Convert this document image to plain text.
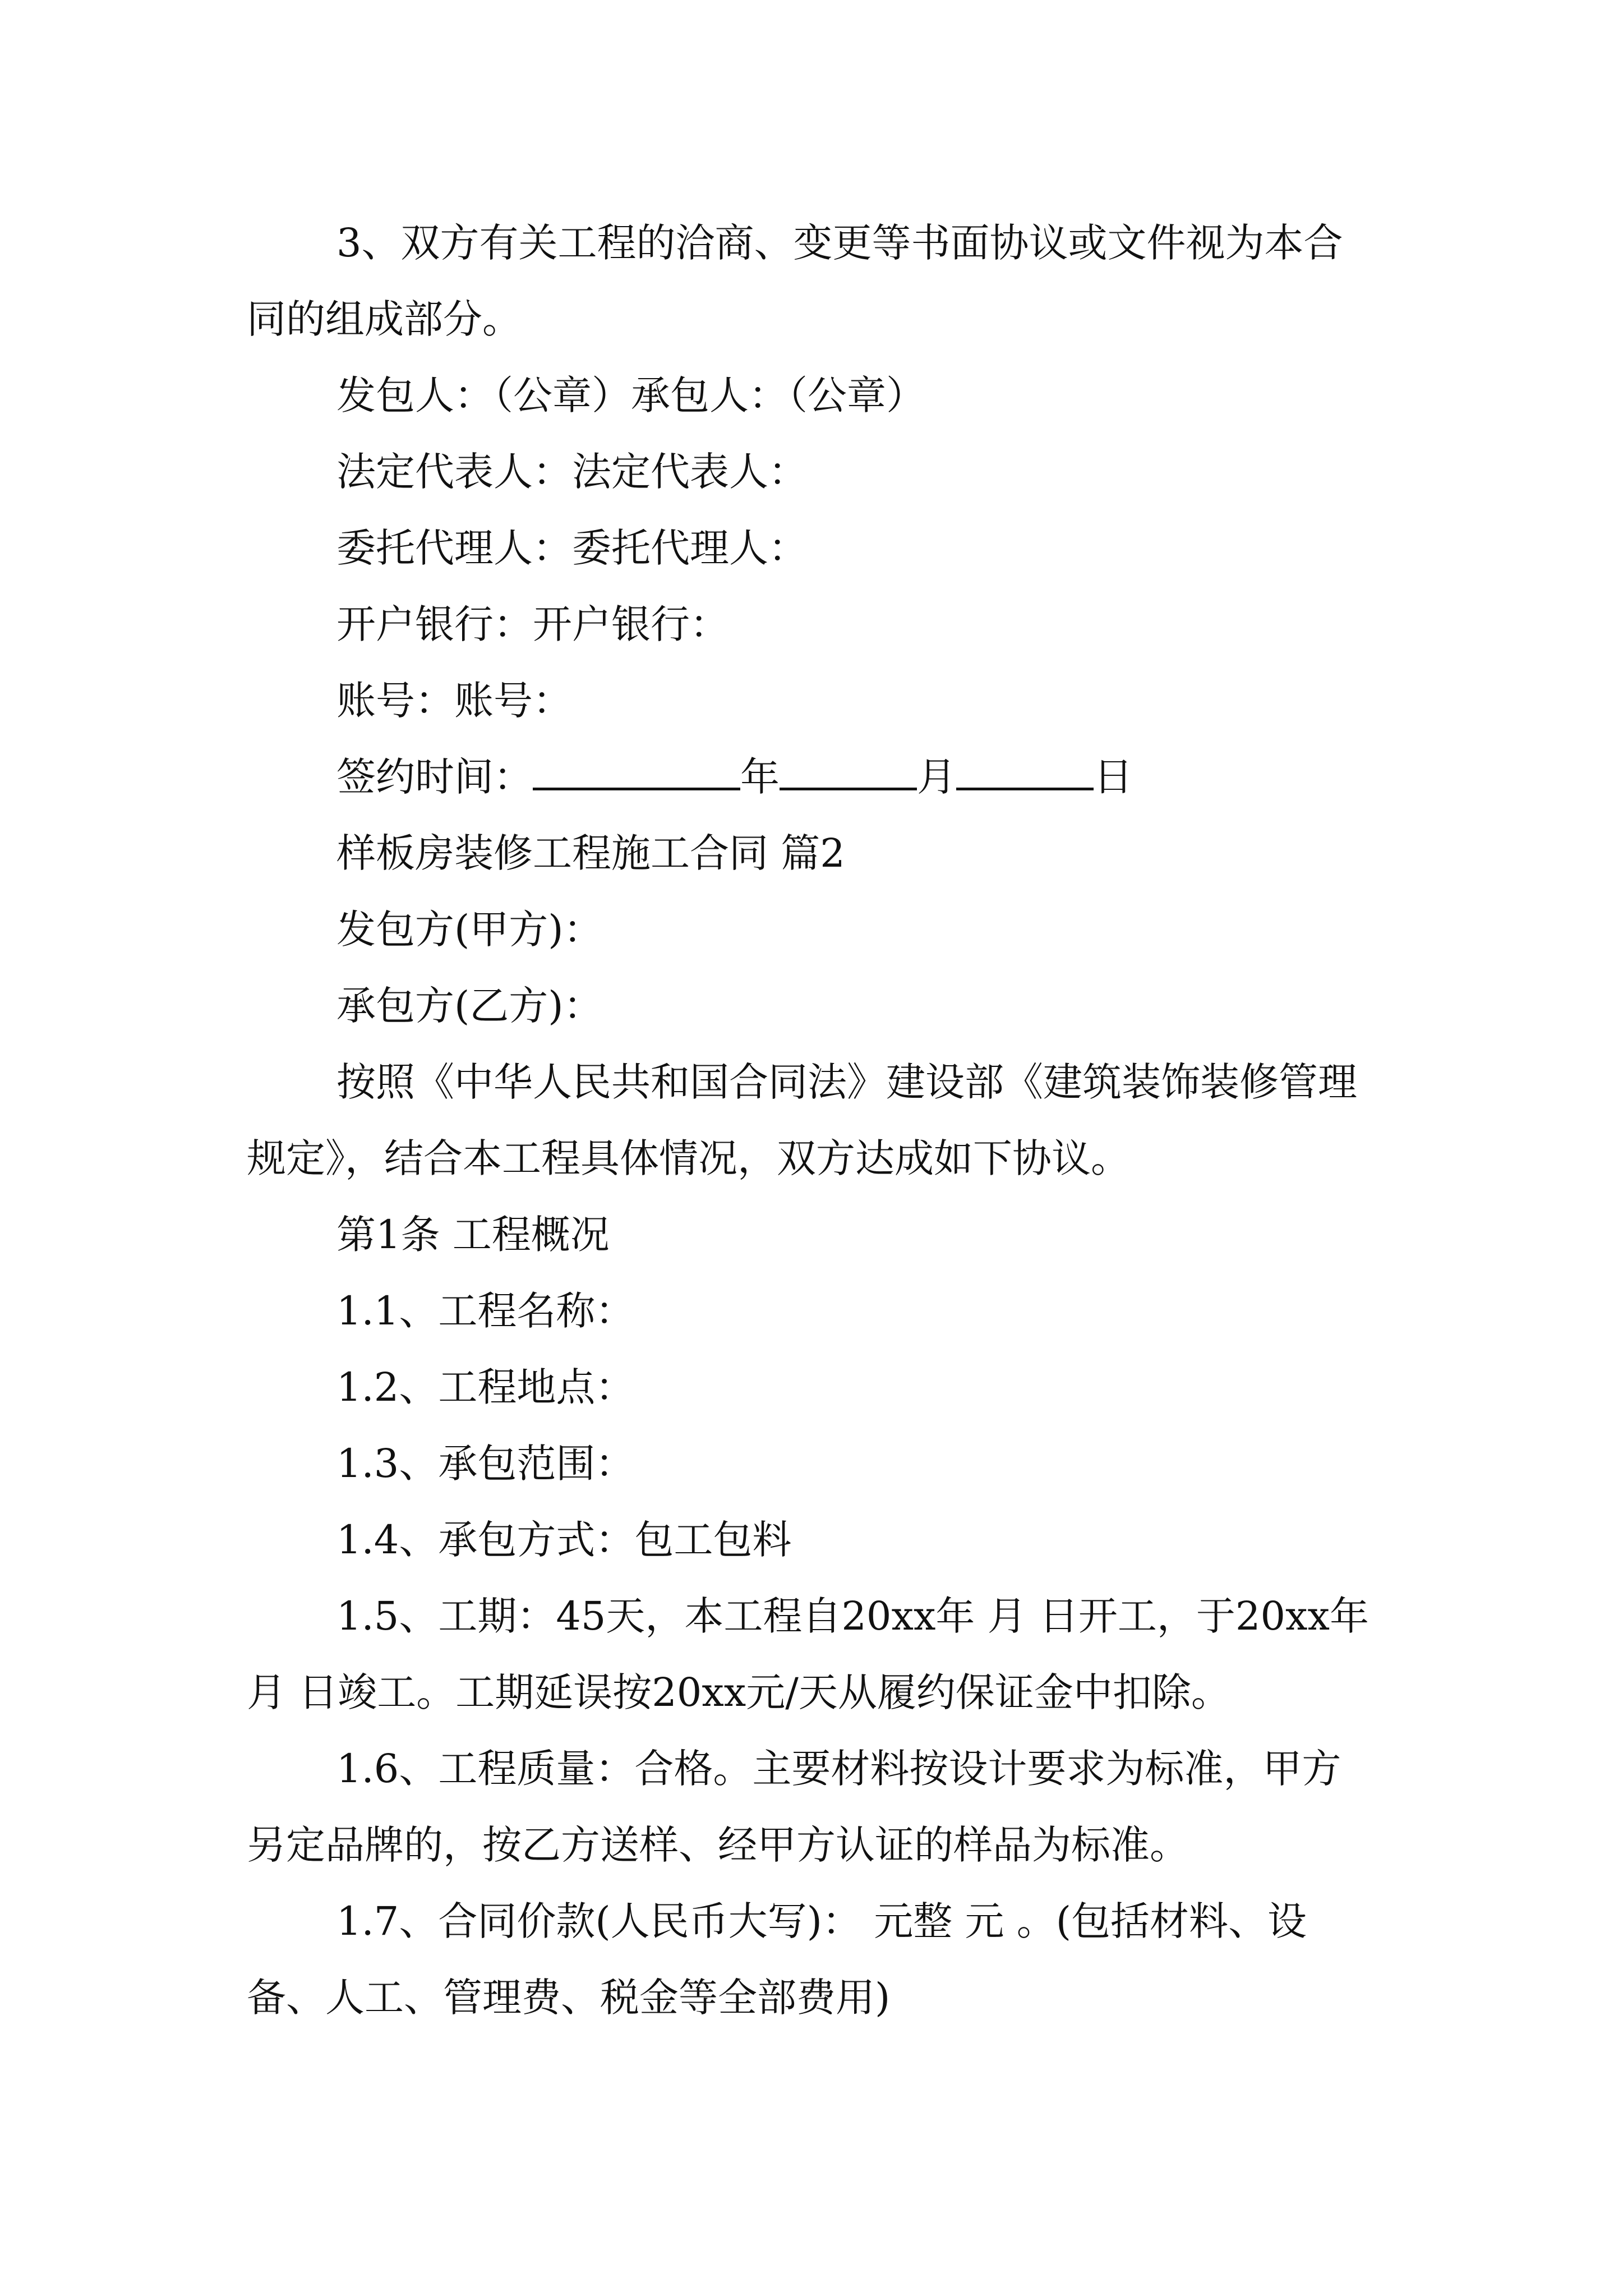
3、双方有关工程的洽商、变更等书面协议或文件视为本合同的组成部分。

发包人：（公章）承包人：（公章）

法定代表人：法定代表人：

委托代理人：委托代理人：

开户银行：开户银行：

账号：账号：

签约时间：	年	月	日

样板房装修工程施工合同 篇2

发包方(甲方)：

承包方(乙方)：

按照《中华人民共和国合同法》建设部《建筑装饰装修管理规定》，结合本工程具体情况，双方达成如下协议。

第1条 工程概况

1.1、工程名称：

1.2、工程地点：

1.3、承包范围：

1.4、承包方式：包工包料

1.5、工期：45天，本工程自20xx年 月 日开工，于20xx年 月 日竣工。工期延误按20xx元/天从履约保证金中扣除。

1.6、工程质量：合格。主要材料按设计要求为标准，甲方另定品牌的，按乙方送样、经甲方认证的样品为标准。

1.7、合同价款(人民币大写)： 元整 元 。(包括材料、设备、人工、管理费、税金等全部费用)
